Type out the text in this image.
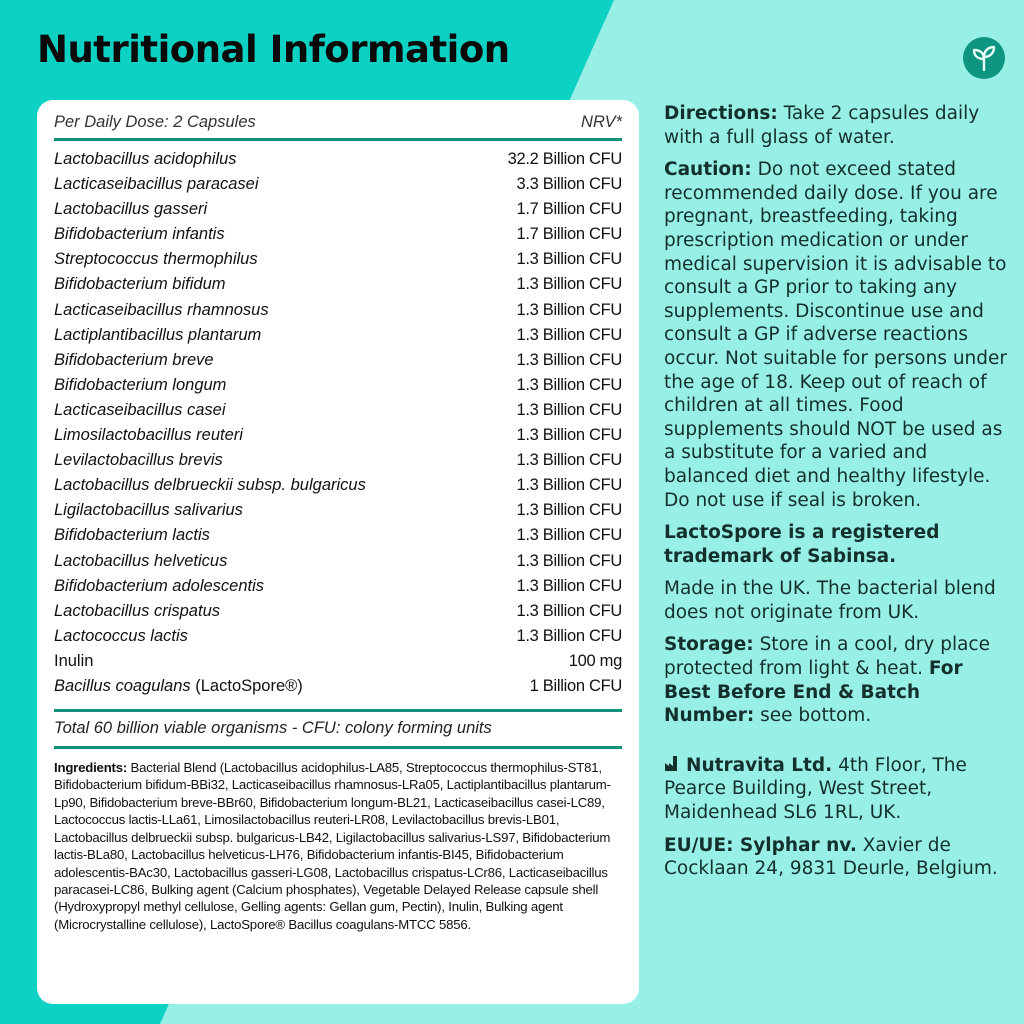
Nutritional Information
Per Daily Dose: 2 Capsules	NRV*
Lactobacillus acidophilus	32.2 Billion CFU
Lacticaseibacillus paracasei	3.3 Billion CFU
Lactobacillus gasseri	1.7 Billion CFU
Bifidobacterium infantis	1.7 Billion CFU
Streptococcus thermophilus	1.3 Billion CFU
Bifidobacterium bifidum	1.3 Billion CFU
Lacticaseibacillus rhamnosus	1.3 Billion CFU
Lactiplantibacillus plantarum	1.3 Billion CFU
Bifidobacterium breve	1.3 Billion CFU
Bifidobacterium longum	1.3 Billion CFU
Lacticaseibacillus casei	1.3 Billion CFU
Limosilactobacillus reuteri	1.3 Billion CFU
Levilactobacillus brevis	1.3 Billion CFU
Lactobacillus delbrueckii subsp. bulgaricus	1.3 Billion CFU
Ligilactobacillus salivarius	1.3 Billion CFU
Bifidobacterium lactis	1.3 Billion CFU
Lactobacillus helveticus	1.3 Billion CFU
Bifidobacterium adolescentis	1.3 Billion CFU
Lactobacillus crispatus	1.3 Billion CFU
Lactococcus lactis	1.3 Billion CFU
Inulin	100 mg
Bacillus coagulans (LactoSpore®)	1 Billion CFU
Total 60 billion viable organisms - CFU: colony forming units
Ingredients: Bacterial Blend (Lactobacillus acidophilus-LA85, Streptococcus thermophilus-ST81, Bifidobacterium bifidum-BBi32, Lacticaseibacillus rhamnosus-LRa05, Lactiplantibacillus plantarum-Lp90, Bifidobacterium breve-BBr60, Bifidobacterium longum-BL21, Lacticaseibacillus casei-LC89, Lactococcus lactis-LLa61, Limosilactobacillus reuteri-LR08, Levilactobacillus brevis-LB01, Lactobacillus delbrueckii subsp. bulgaricus-LB42, Ligilactobacillus salivarius-LS97, Bifidobacterium lactis-BLa80, Lactobacillus helveticus-LH76, Bifidobacterium infantis-BI45, Bifidobacterium adolescentis-BAc30, Lactobacillus gasseri-LG08, Lactobacillus crispatus-LCr86, Lacticaseibacillus paracasei-LC86, Bulking agent (Calcium phosphates), Vegetable Delayed Release capsule shell (Hydroxypropyl methyl cellulose, Gelling agents: Gellan gum, Pectin), Inulin, Bulking agent (Microcrystalline cellulose), LactoSpore® Bacillus coagulans-MTCC 5856.

Directions: Take 2 capsules daily with a full glass of water.

Caution: Do not exceed stated recommended daily dose. If you are pregnant, breastfeeding, taking prescription medication or under medical supervision it is advisable to consult a GP prior to taking any supplements. Discontinue use and consult a GP if adverse reactions occur. Not suitable for persons under the age of 18. Keep out of reach of children at all times. Food supplements should NOT be used as a substitute for a varied and balanced diet and healthy lifestyle. Do not use if seal is broken.

LactoSpore is a registered trademark of Sabinsa.

Made in the UK. The bacterial blend does not originate from UK.

Storage: Store in a cool, dry place protected from light & heat. For Best Before End & Batch Number: see bottom.

Nutravita Ltd. 4th Floor, The Pearce Building, West Street, Maidenhead SL6 1RL, UK.

EU/UE: Sylphar nv. Xavier de Cocklaan 24, 9831 Deurle, Belgium.
